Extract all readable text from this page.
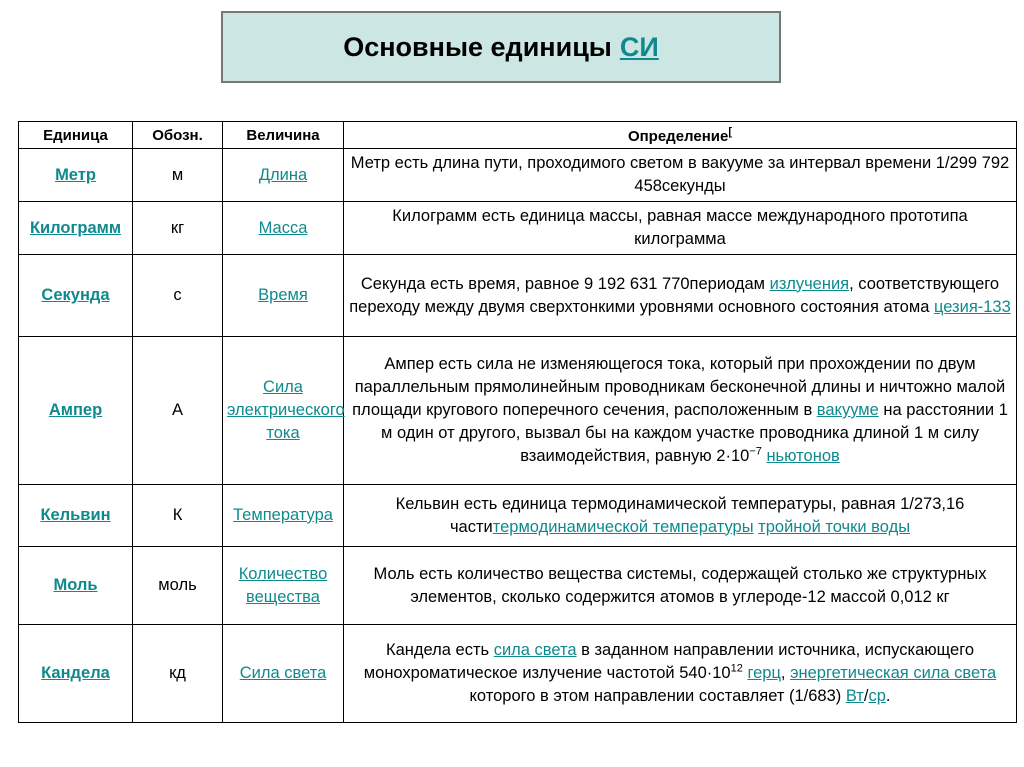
Основные единицы СИ
Единица	Обозн.	Величина	Определение[
Метр	м	Длина	Метр есть длина пути, проходимого светом в вакууме за интервал времени 1/299 792 458секунды
Килограмм	кг	Масса	Килограмм есть единица массы, равная массе международного прототипа килограмма
Секунда	с	Время	Секунда есть время, равное 9 192 631 770периодам излучения, соответствующего переходу между двумя сверхтонкими уровнями основного состояния атома цезия-133
Ампер	А	Сила электрического тока	Ампер есть сила не изменяющегося тока, который при прохождении по двум параллельным прямолинейным проводникам бесконечной длины и ничтожно малой площади кругового поперечного сечения, расположенным в вакууме на расстоянии 1 м один от другого, вызвал бы на каждом участке проводника длиной 1 м силу взаимодействия, равную $2\cdot 10^{-7}$ ньютонов
Кельвин	К	Температура	Кельвин есть единица термодинамической температуры, равная 1/273,16 частитермодинамической температуры тройной точки воды
Моль	моль	Количество вещества	Моль есть количество вещества системы, содержащей столько же структурных элементов, сколько содержится атомов в углероде-12 массой 0,012 кг
Кандела	кд	Сила света	Кандела есть сила света в заданном направлении источника, испускающего монохроматическое излучение частотой $540\cdot 10^{12}$ герц, энергетическая сила света которого в этом направлении составляет (1/683) Вт/ср.
